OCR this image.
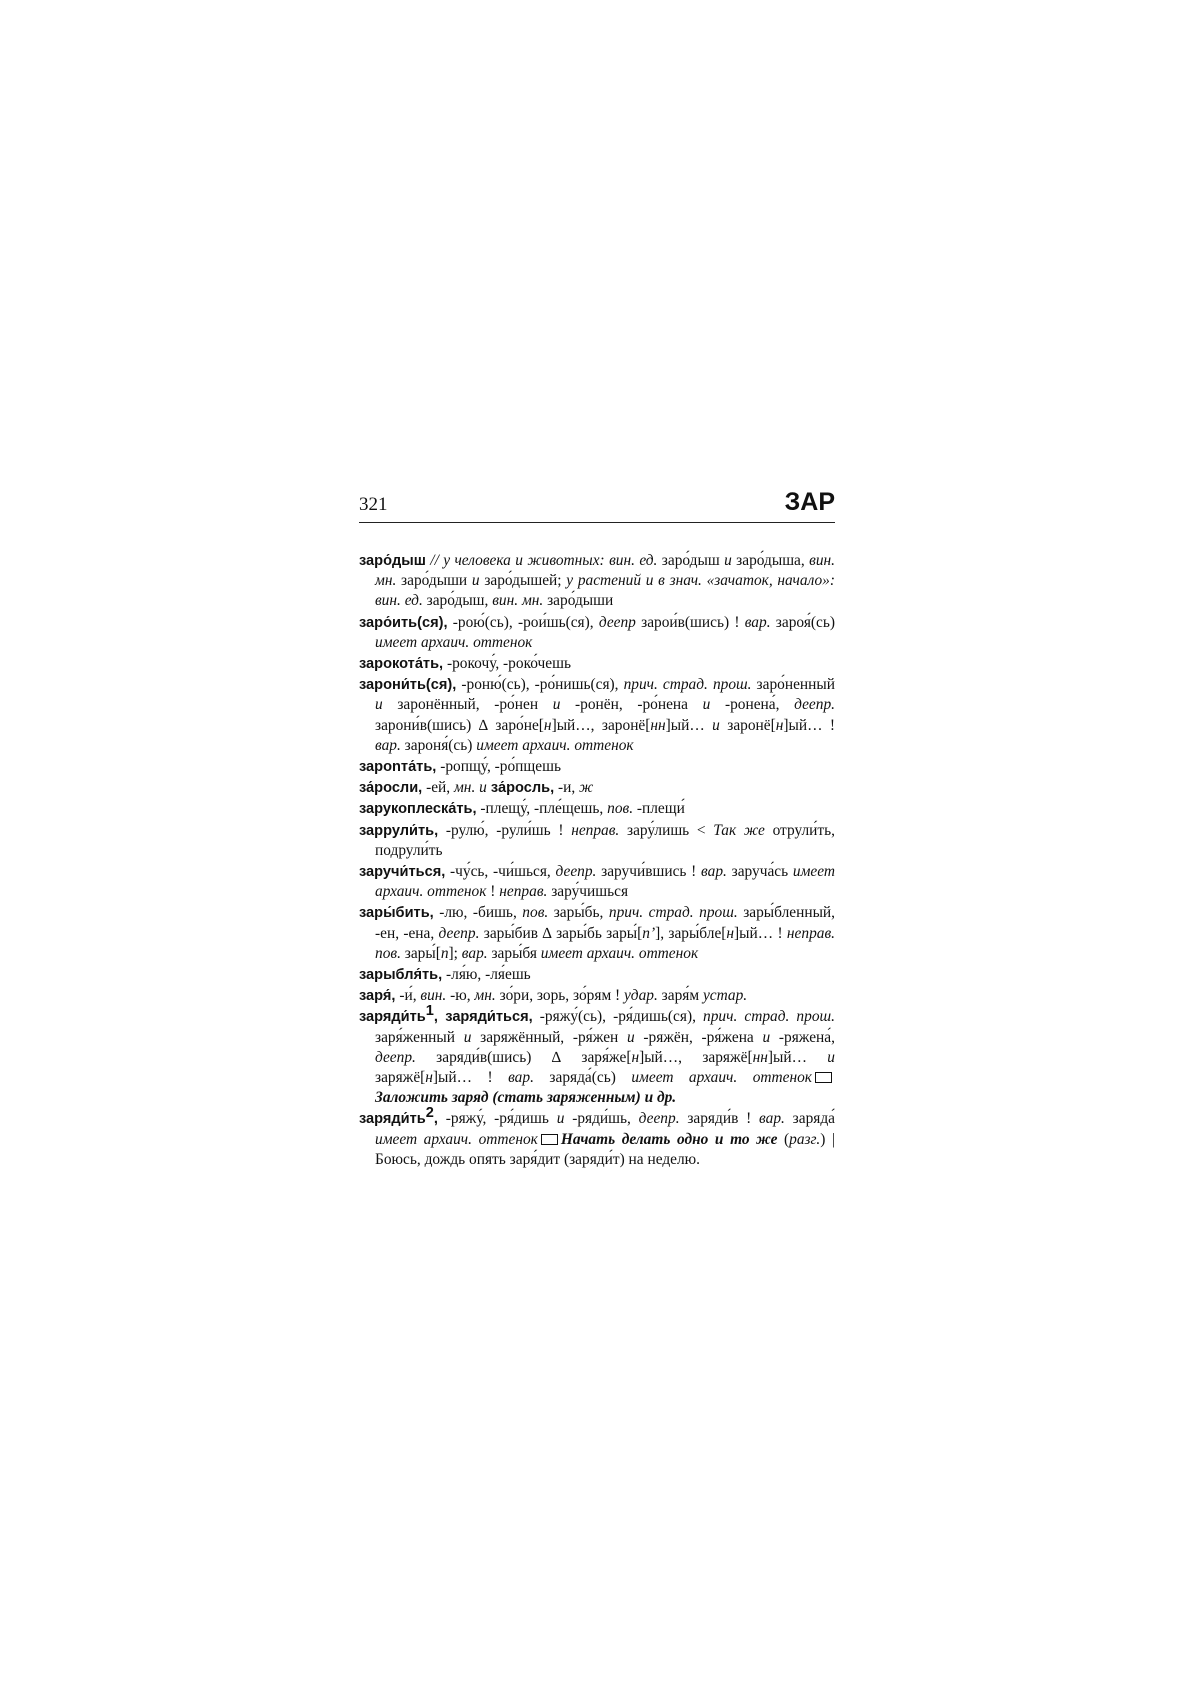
321	ЗАР

заро́дыш // у человека и животных: вин. ед. заро́дыш и заро́дыша, вин. мн. заро́дыши и заро́дышей; у растений и в знач. «зачаток, начало»: вин. ед. заро́дыш, вин. мн. заро́дыши

заро́ить(ся), -рою́(сь), -рои́шь(ся), деепр зарои́в(шись) ! вар. зароя́(сь) имеет архаич. оттенок

зарокота́ть, -рокочу́, -роко́чешь

зарони́ть(ся), -роню́(сь), -ро́нишь(ся), прич. страд. прош. заро́ненный и заронённый, -ро́нен и -ронён, -ро́нена и -ронена́, деепр. зарони́в(шись) ∆ заро́не[н]ый…, заронё[нн]ый… и заронё[н]ый… ! вар. зароня́(сь) имеет архаич. оттенок

зароnта́ть, -ропщу́, -ро́пщешь

за́росли, -ей, мн. и за́росль, -и, ж

зарукоплеска́ть, -плещу́, -пле́щешь, пов. -плещи́

заррули́ть, -рулю́, -рули́шь ! неправ. зару́лишь < Так же отрули́ть, подрули́ть

заручи́ться, -чу́сь, -чи́шься, деепр. заручи́вшись ! вар. заруча́сь имеет архаич. оттенок ! неправ. зару́чишься

зары́бить, -лю, -бишь, пов. зары́бь, прич. страд. прош. зары́бленный, -ен, -ена, деепр. зары́бив ∆ зары́бь зары́[п’], зары́бле[н]ый… ! неправ. пов. зары́[п]; вар. зары́бя имеет архаич. оттенок

зарыбля́ть, -ля́ю, -ля́ешь

заря́, -и́, вин. -ю, мн. зо́ри, зорь, зо́рям ! удар. заря́м устар.

$заряди́ть^1$, заряди́ться, -ряжу́(сь), -ря́дишь(ся), прич. страд. прош. заря́женный и заряжённый, -ря́жен и -ряжён, -ря́жена и -ряжена́, деепр. заряди́в(шись) ∆ заря́же[н]ый…, заряжё[нн]ый… и заряжё[н]ый… ! вар. заряда́(сь) имеет архаич. оттенокЗаложить заряд (стать заряженным) и др.

$заряди́ть^2$, -ряжу́, -ря́дишь и -ряди́шь, деепр. заряди́в ! вар. заряда́ имеет архаич. оттенок Начать делать одно и то же (разг.) | Боюсь, дождь опять заря́дит (заряди́т) на неделю.
